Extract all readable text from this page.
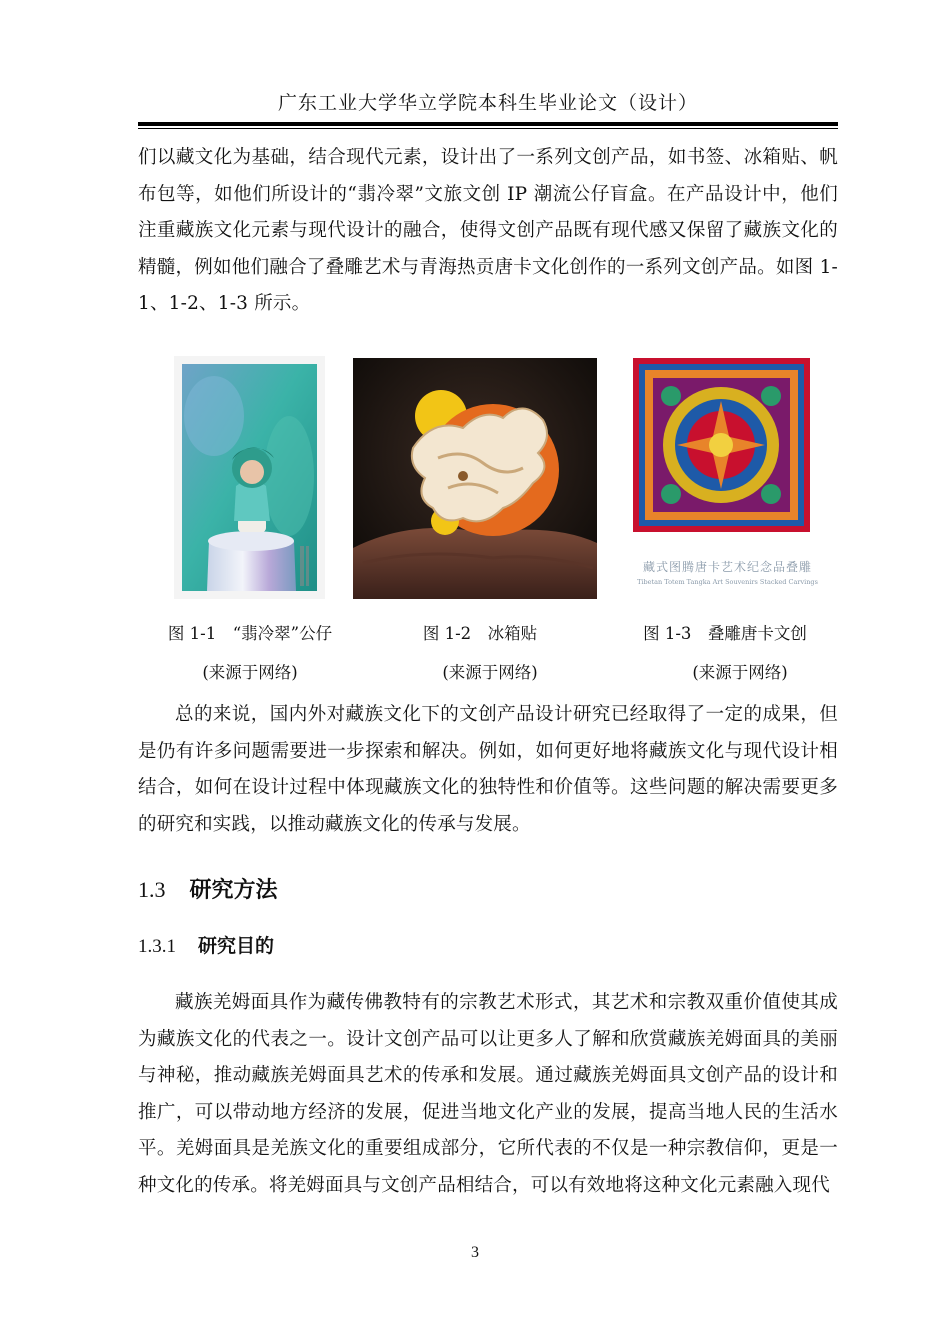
广东工业大学华立学院本科生毕业论文（设计）

们以藏文化为基础，结合现代元素，设计出了一系列文创产品，如书签、冰箱贴、帆布包等，如他们所设计的“翡冷翠”文旅文创 IP 潮流公仔盲盒。在产品设计中，他们注重藏族文化元素与现代设计的融合，使得文创产品既有现代感又保留了藏族文化的精髓，例如他们融合了叠雕艺术与青海热贡唐卡文化创作的一系列文创产品。如图 1-1、1-2、1-3 所示。

藏式图腾唐卡艺术纪念品叠雕
Tibetan Totem Tangka Art Souvenirs Stacked Carvings
图 1-1　“翡冷翠”公仔	图 1-2　冰箱贴	图 1-3　叠雕唐卡文创
(来源于网络)	(来源于网络)	(来源于网络)

总的来说，国内外对藏族文化下的文创产品设计研究已经取得了一定的成果，但是仍有许多问题需要进一步探索和解决。例如，如何更好地将藏族文化与现代设计相结合，如何在设计过程中体现藏族文化的独特性和价值等。这些问题的解决需要更多的研究和实践，以推动藏族文化的传承与发展。

1.3 研究方法
1.3.1 研究目的

藏族羌姆面具作为藏传佛教特有的宗教艺术形式，其艺术和宗教双重价值使其成为藏族文化的代表之一。设计文创产品可以让更多人了解和欣赏藏族羌姆面具的美丽与神秘，推动藏族羌姆面具艺术的传承和发展。通过藏族羌姆面具文创产品的设计和推广，可以带动地方经济的发展，促进当地文化产业的发展，提高当地人民的生活水平。羌姆面具是羌族文化的重要组成部分，它所代表的不仅是一种宗教信仰，更是一种文化的传承。将羌姆面具与文创产品相结合，可以有效地将这种文化元素融入现代

3
